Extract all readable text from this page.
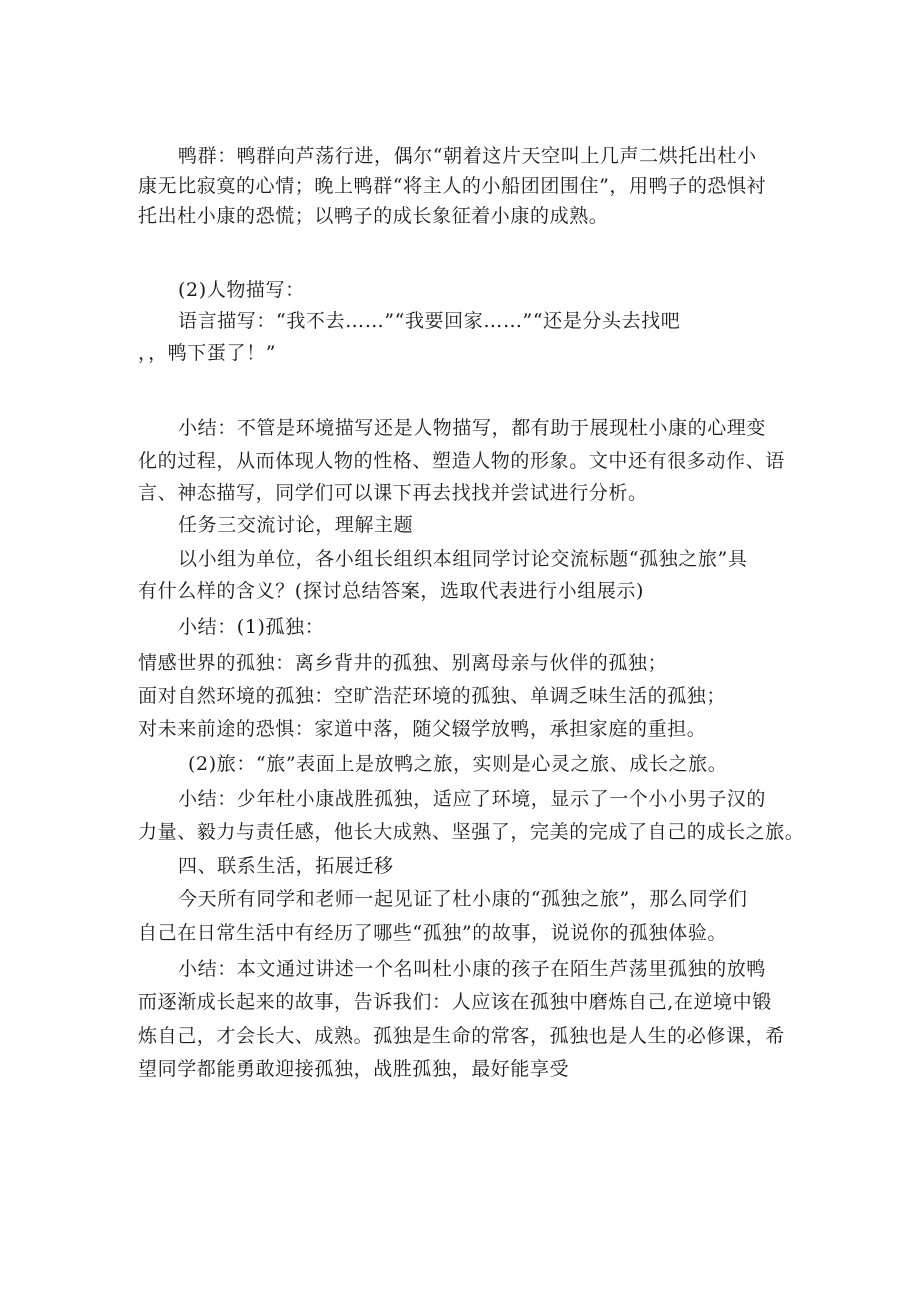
鸭群：鸭群向芦荡行进，偶尔“朝着这片天空叫上几声二烘托出杜小
康无比寂寞的心情；晚上鸭群“将主人的小船团团围住”，用鸭子的恐惧衬
托出杜小康的恐慌；以鸭子的成长象征着小康的成熟。
(2)人物描写：
语言描写：“我不去……”“我要回家……”“还是分头去找吧
，，鸭下蛋了！”
小结：不管是环境描写还是人物描写，都有助于展现杜小康的心理变
化的过程，从而体现人物的性格、塑造人物的形象。文中还有很多动作、语
言、神态描写，同学们可以课下再去找找并尝试进行分析。
任务三交流讨论，理解主题
以小组为单位，各小组长组织本组同学讨论交流标题“孤独之旅”具
有什么样的含义？(探讨总结答案，选取代表进行小组展示)
小结：(1)孤独：
情感世界的孤独：离乡背井的孤独、别离母亲与伙伴的孤独；
面对自然环境的孤独：空旷浩茫环境的孤独、单调乏味生活的孤独；
对未来前途的恐惧：家道中落，随父辍学放鸭，承担家庭的重担。
(2)旅：“旅”表面上是放鸭之旅，实则是心灵之旅、成长之旅。
小结：少年杜小康战胜孤独，适应了环境，显示了一个小小男子汉的
力量、毅力与责任感，他长大成熟、坚强了，完美的完成了自己的成长之旅。
四、联系生活，拓展迁移
今天所有同学和老师一起见证了杜小康的“孤独之旅”，那么同学们
自己在日常生活中有经历了哪些“孤独”的故事，说说你的孤独体验。
小结：本文通过讲述一个名叫杜小康的孩子在陌生芦荡里孤独的放鸭
而逐渐成长起来的故事，告诉我们：人应该在孤独中磨炼自己,在逆境中锻
炼自己，才会长大、成熟。孤独是生命的常客，孤独也是人生的必修课，希
望同学都能勇敢迎接孤独，战胜孤独，最好能享受
